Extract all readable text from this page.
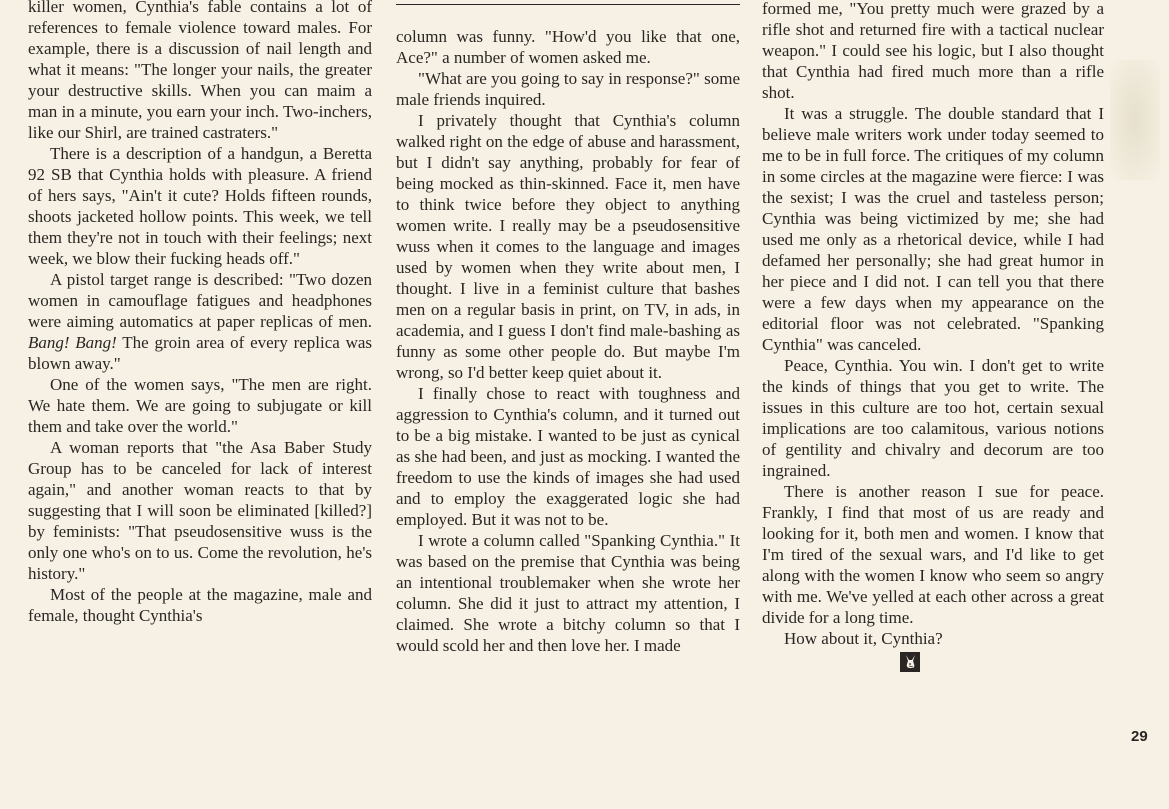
killer women, Cynthia's fable contains a lot of references to female violence toward males. For example, there is a discussion of nail length and what it means: "The longer your nails, the greater your destructive skills. When you can maim a man in a minute, you earn your inch. Two-inchers, like our Shirl, are trained castraters."

There is a description of a handgun, a Beretta 92 SB that Cynthia holds with pleasure. A friend of hers says, "Ain't it cute? Holds fifteen rounds, shoots jacketed hollow points. This week, we tell them they're not in touch with their feelings; next week, we blow their fucking heads off."

A pistol target range is described: "Two dozen women in camouflage fatigues and headphones were aiming automatics at paper replicas of men. Bang! Bang! The groin area of every replica was blown away."

One of the women says, "The men are right. We hate them. We are going to subjugate or kill them and take over the world."

A woman reports that "the Asa Baber Study Group has to be canceled for lack of interest again," and another woman reacts to that by suggesting that I will soon be eliminated [killed?] by feminists: "That pseudosensitive wuss is the only one who's on to us. Come the revolution, he's history."

Most of the people at the magazine, male and female, thought Cynthia's

column was funny. "How'd you like that one, Ace?" a number of women asked me.

"What are you going to say in response?" some male friends inquired.

I privately thought that Cynthia's column walked right on the edge of abuse and harassment, but I didn't say anything, probably for fear of being mocked as thin-skinned. Face it, men have to think twice before they object to anything women write. I really may be a pseudosensitive wuss when it comes to the language and images used by women when they write about men, I thought. I live in a feminist culture that bashes men on a regular basis in print, on TV, in ads, in academia, and I guess I don't find male-bashing as funny as some other people do. But maybe I'm wrong, so I'd better keep quiet about it.

I finally chose to react with toughness and aggression to Cynthia's column, and it turned out to be a big mistake. I wanted to be just as cynical as she had been, and just as mocking. I wanted the freedom to use the kinds of images she had used and to employ the exaggerated logic she had employed. But it was not to be.

I wrote a column called "Spanking Cynthia." It was based on the premise that Cynthia was being an intentional troublemaker when she wrote her column. She did it just to attract my attention, I claimed. She wrote a bitchy column so that I would scold her and then love her. I made

formed me, "You pretty much were grazed by a rifle shot and returned fire with a tactical nuclear weapon." I could see his logic, but I also thought that Cynthia had fired much more than a rifle shot.

It was a struggle. The double standard that I believe male writers work under today seemed to me to be in full force. The critiques of my column in some circles at the magazine were fierce: I was the sexist; I was the cruel and tasteless person; Cynthia was being victimized by me; she had used me only as a rhetorical device, while I had defamed her personally; she had great humor in her piece and I did not. I can tell you that there were a few days when my appearance on the editorial floor was not celebrated. "Spanking Cynthia" was canceled.

Peace, Cynthia. You win. I don't get to write the kinds of things that you get to write. The issues in this culture are too hot, certain sexual implications are too calamitous, various notions of gentility and chivalry and decorum are too ingrained.

There is another reason I sue for peace. Frankly, I find that most of us are ready and looking for it, both men and women. I know that I'm tired of the sexual wars, and I'd like to get along with the women I know who seem so angry with me. We've yelled at each other across a great divide for a long time.

How about it, Cynthia?

29
